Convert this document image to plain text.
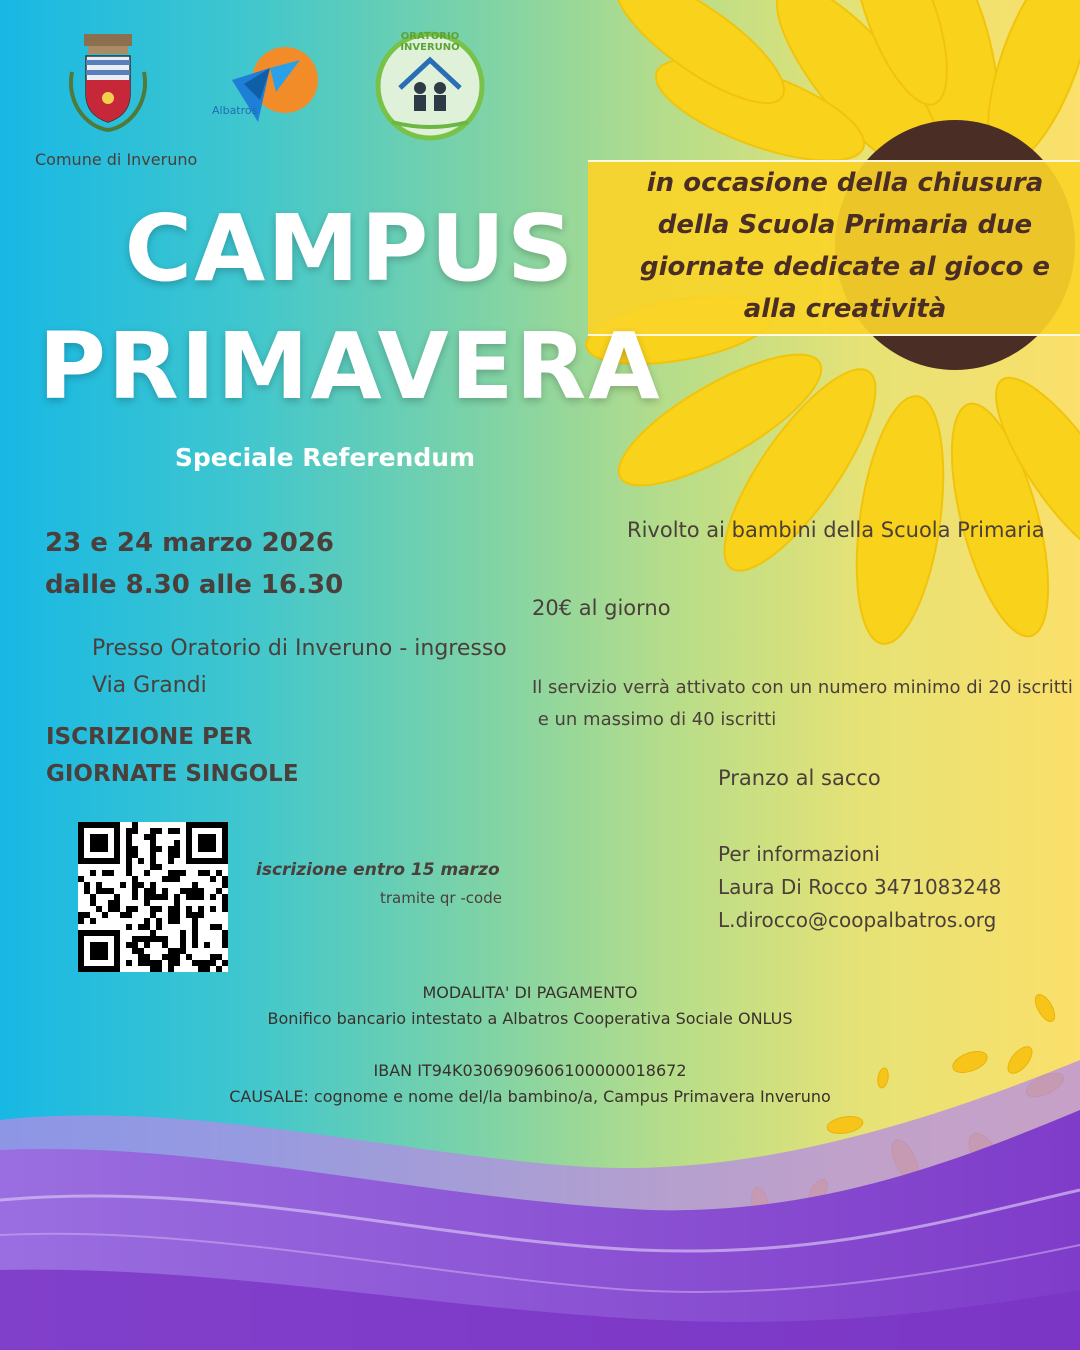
Comune di Inveruno
Albatros
ORATORIO INVERUNO
in occasione della chiusura
della Scuola Primaria due
giornate dedicate al gioco e
alla creatività
CAMPUS
PRIMAVERA
Speciale Referendum
23 e 24 marzo 2026
dalle 8.30 alle 16.30
Presso Oratorio di Inveruno - ingresso
Via Grandi
ISCRIZIONE PER
GIORNATE SINGOLE
iscrizione entro 15 marzo
tramite qr -code
Rivolto ai bambini della Scuola Primaria
20€ al giorno
Il servizio verrà attivato con un numero minimo di 20 iscritti
e un massimo di 40 iscritti
Pranzo al sacco
Per informazioni
Laura Di Rocco 3471083248
L.dirocco@coopalbatros.org
MODALITA' DI PAGAMENTO
Bonifico bancario intestato a Albatros Cooperativa Sociale ONLUS
IBAN IT94K0306909606100000018672
CAUSALE: cognome e nome del/la bambino/a, Campus Primavera Inveruno
